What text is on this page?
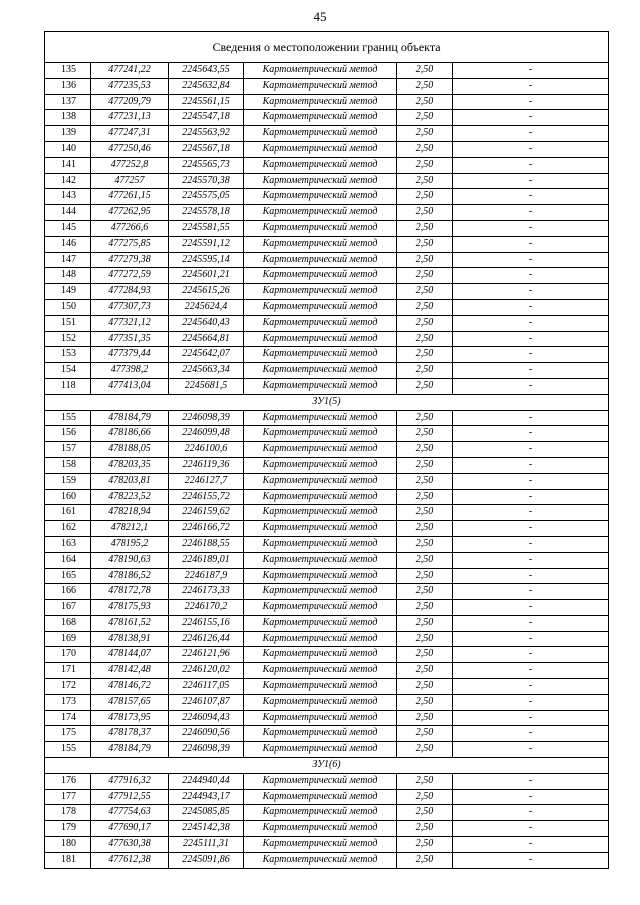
45
Сведения о местоположении границ объекта					
135	477241,22	2245643,55	Картометрический метод	2,50	-
136	477235,53	2245632,84	Картометрический метод	2,50	-
137	477209,79	2245561,15	Картометрический метод	2,50	-
138	477231,13	2245547,18	Картометрический метод	2,50	-
139	477247,31	2245563,92	Картометрический метод	2,50	-
140	477250,46	2245567,18	Картометрический метод	2,50	-
141	477252,8	2245565,73	Картометрический метод	2,50	-
142	477257	2245570,38	Картометрический метод	2,50	-
143	477261,15	2245575,05	Картометрический метод	2,50	-
144	477262,95	2245578,18	Картометрический метод	2,50	-
145	477266,6	2245581,55	Картометрический метод	2,50	-
146	477275,85	2245591,12	Картометрический метод	2,50	-
147	477279,38	2245595,14	Картометрический метод	2,50	-
148	477272,59	2245601,21	Картометрический метод	2,50	-
149	477284,93	2245615,26	Картометрический метод	2,50	-
150	477307,73	2245624,4	Картометрический метод	2,50	-
151	477321,12	2245640,43	Картометрический метод	2,50	-
152	477351,35	2245664,81	Картометрический метод	2,50	-
153	477379,44	2245642,07	Картометрический метод	2,50	-
154	477398,2	2245663,34	Картометрический метод	2,50	-
118	477413,04	2245681,5	Картометрический метод	2,50	-
ЗУ1(5)					
155	478184,79	2246098,39	Картометрический метод	2,50	-
156	478186,66	2246099,48	Картометрический метод	2,50	-
157	478188,05	2246100,6	Картометрический метод	2,50	-
158	478203,35	2246119,36	Картометрический метод	2,50	-
159	478203,81	2246127,7	Картометрический метод	2,50	-
160	478223,52	2246155,72	Картометрический метод	2,50	-
161	478218,94	2246159,62	Картометрический метод	2,50	-
162	478212,1	2246166,72	Картометрический метод	2,50	-
163	478195,2	2246188,55	Картометрический метод	2,50	-
164	478190,63	2246189,01	Картометрический метод	2,50	-
165	478186,52	2246187,9	Картометрический метод	2,50	-
166	478172,78	2246173,33	Картометрический метод	2,50	-
167	478175,93	2246170,2	Картометрический метод	2,50	-
168	478161,52	2246155,16	Картометрический метод	2,50	-
169	478138,91	2246126,44	Картометрический метод	2,50	-
170	478144,07	2246121,96	Картометрический метод	2,50	-
171	478142,48	2246120,02	Картометрический метод	2,50	-
172	478146,72	2246117,05	Картометрический метод	2,50	-
173	478157,65	2246107,87	Картометрический метод	2,50	-
174	478173,95	2246094,43	Картометрический метод	2,50	-
175	478178,37	2246090,56	Картометрический метод	2,50	-
155	478184,79	2246098,39	Картометрический метод	2,50	-
ЗУ1(6)					
176	477916,32	2244940,44	Картометрический метод	2,50	-
177	477912,55	2244943,17	Картометрический метод	2,50	-
178	477754,63	2245085,85	Картометрический метод	2,50	-
179	477690,17	2245142,38	Картометрический метод	2,50	-
180	477630,38	2245111,31	Картометрический метод	2,50	-
181	477612,38	2245091,86	Картометрический метод	2,50	-
